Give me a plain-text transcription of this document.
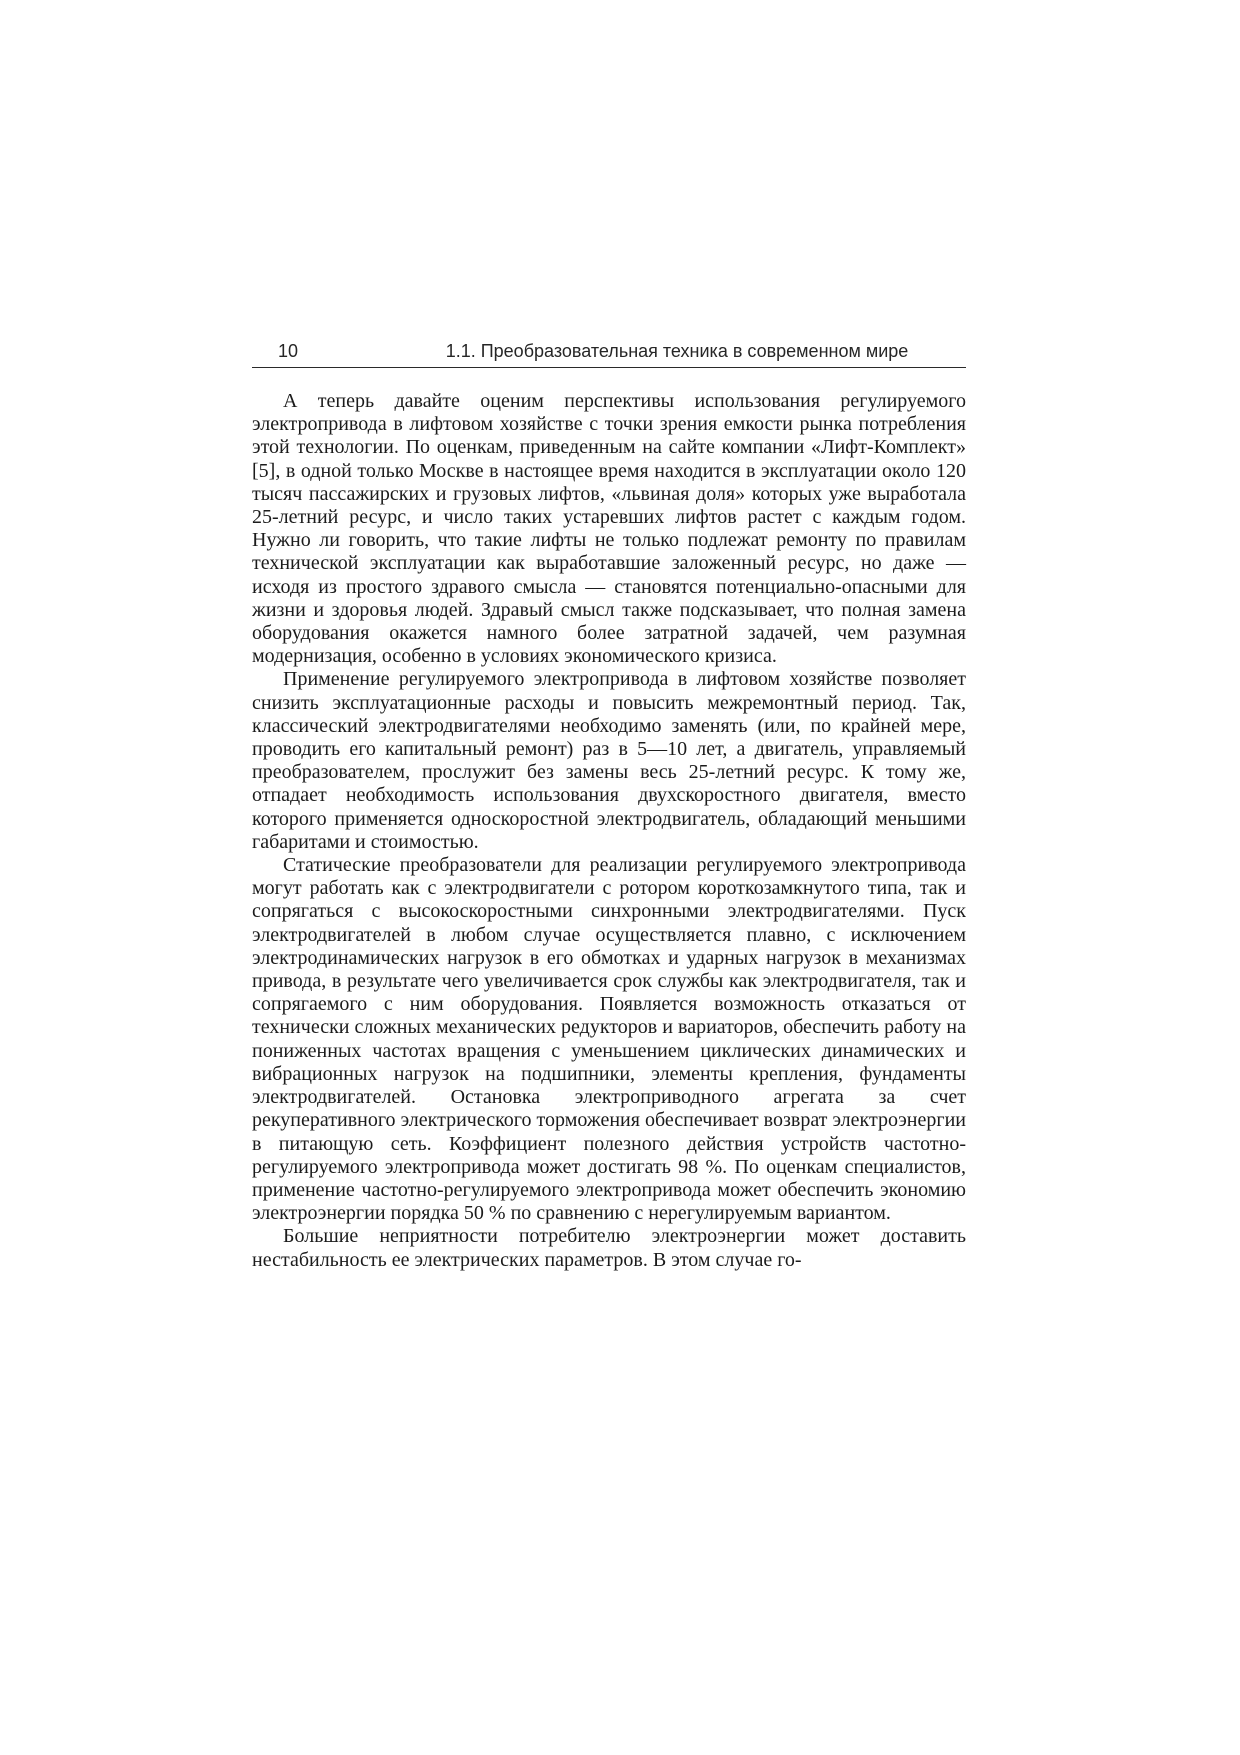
10	1.1. Преобразовательная техника в современном мире

А теперь давайте оценим перспективы использования регулируемого электропривода в лифтовом хозяйстве с точки зрения емкости рынка потребления этой технологии. По оценкам, приведенным на сайте компании «Лифт-Комплект» [5], в одной только Москве в настоящее время находится в эксплуатации около 120 тысяч пассажирских и грузовых лифтов, «львиная доля» которых уже выработала 25-летний ресурс, и число таких устаревших лифтов растет с каждым годом. Нужно ли говорить, что такие лифты не только подлежат ремонту по правилам технической эксплуатации как выработавшие заложенный ресурс, но даже — исходя из простого здравого смысла — становятся потенциально-опасными для жизни и здоровья людей. Здравый смысл также подсказывает, что полная замена оборудования окажется намного более затратной задачей, чем разумная модернизация, особенно в условиях экономического кризиса.

Применение регулируемого электропривода в лифтовом хозяйстве позволяет снизить эксплуатационные расходы и повысить межремонтный период. Так, классический электродвигателями необходимо заменять (или, по крайней мере, проводить его капитальный ремонт) раз в 5—10 лет, а двигатель, управляемый преобразователем, прослужит без замены весь 25-летний ресурс. К тому же, отпадает необходимость использования двухскоростного двигателя, вместо которого применяется односкоростной электродвигатель, обладающий меньшими габаритами и стоимостью.

Статические преобразователи для реализации регулируемого электропривода могут работать как с электродвигатели с ротором короткозамкнутого типа, так и сопрягаться с высокоскоростными синхронными электродвигателями. Пуск электродвигателей в любом случае осуществляется плавно, с исключением электродинамических нагрузок в его обмотках и ударных нагрузок в механизмах привода, в результате чего увеличивается срок службы как электродвигателя, так и сопрягаемого с ним оборудования. Появляется возможность отказаться от технически сложных механических редукторов и вариаторов, обеспечить работу на пониженных частотах вращения с уменьшением циклических динамических и вибрационных нагрузок на подшипники, элементы крепления, фундаменты электродвигателей. Остановка электроприводного агрегата за счет рекуперативного электрического торможения обеспечивает возврат электроэнергии в питающую сеть. Коэффициент полезного действия устройств частотно-регулируемого электропривода может достигать 98 %. По оценкам специалистов, применение частотно-регулируемого электропривода может обеспечить экономию электроэнергии порядка 50 % по сравнению с нерегулируемым вариантом.

Большие неприятности потребителю электроэнергии может доставить нестабильность ее электрических параметров. В этом случае го-
